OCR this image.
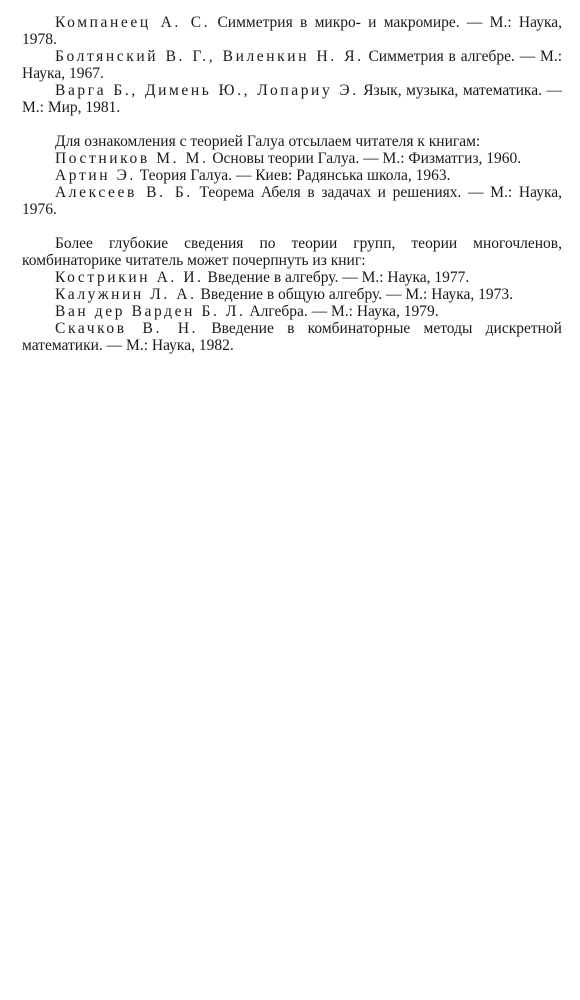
Компанеец А. С. Симметрия в микро- и макромире. — М.: Наука, 1978.

Болтянский В. Г., Виленкин Н. Я. Симметрия в алгебре. — М.: Наука, 1967.

Варга Б., Димень Ю., Лопариу Э. Язык, музыка, математика. — М.: Мир, 1981.

Для ознакомления с теорией Галуа отсылаем читателя к книгам:

Постников М. М. Основы теории Галуа. — М.: Физматгиз, 1960.

Артин Э. Теория Галуа. — Киев: Радянська школа, 1963.

Алексеев В. Б. Теорема Абеля в задачах и решениях. — М.: Наука, 1976.

Более глубокие сведения по теории групп, теории многочленов, комбинаторике читатель может почерпнуть из книг:

Кострикин А. И. Введение в алгебру. — М.: Наука, 1977.

Калужнин Л. А. Введение в общую алгебру. — М.: Наука, 1973.

Ван дер Варден Б. Л. Алгебра. — М.: Наука, 1979.

Скачков В. Н. Введение в комбинаторные методы дискретной математики. — М.: Наука, 1982.
